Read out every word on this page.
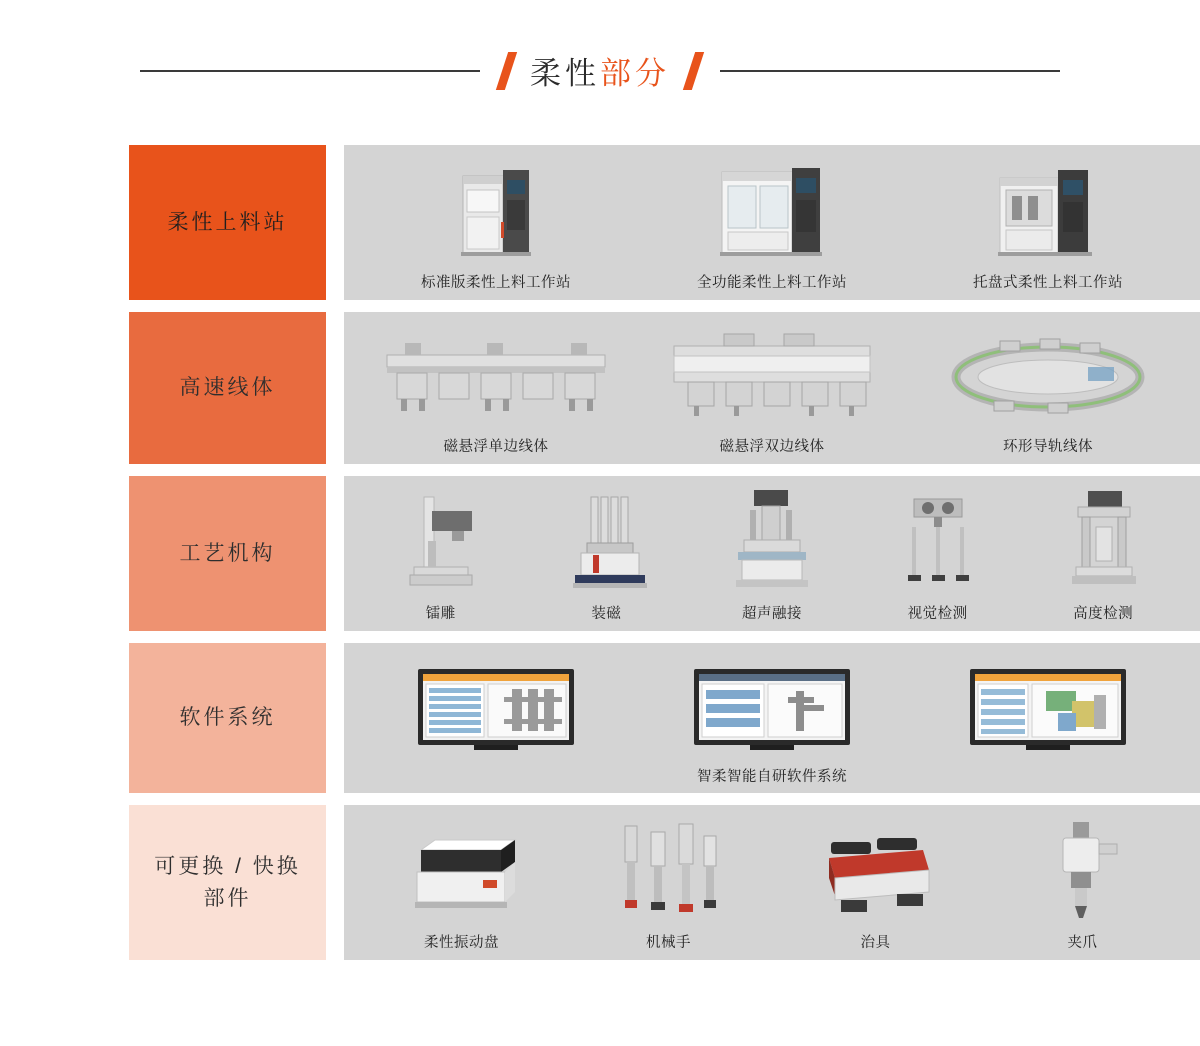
柔性 部分
柔性上料站
标准版柔性上料工作站	全功能柔性上料工作站	托盘式柔性上料工作站
高速线体
磁悬浮单边线体	磁悬浮双边线体	环形导轨线体
工艺机构
镭雕	装磁	超声融接	视觉检测	高度检测
软件系统
智柔智能自研软件系统
可更换 / 快换
部件
柔性振动盘	机械手	治具	夹爪
